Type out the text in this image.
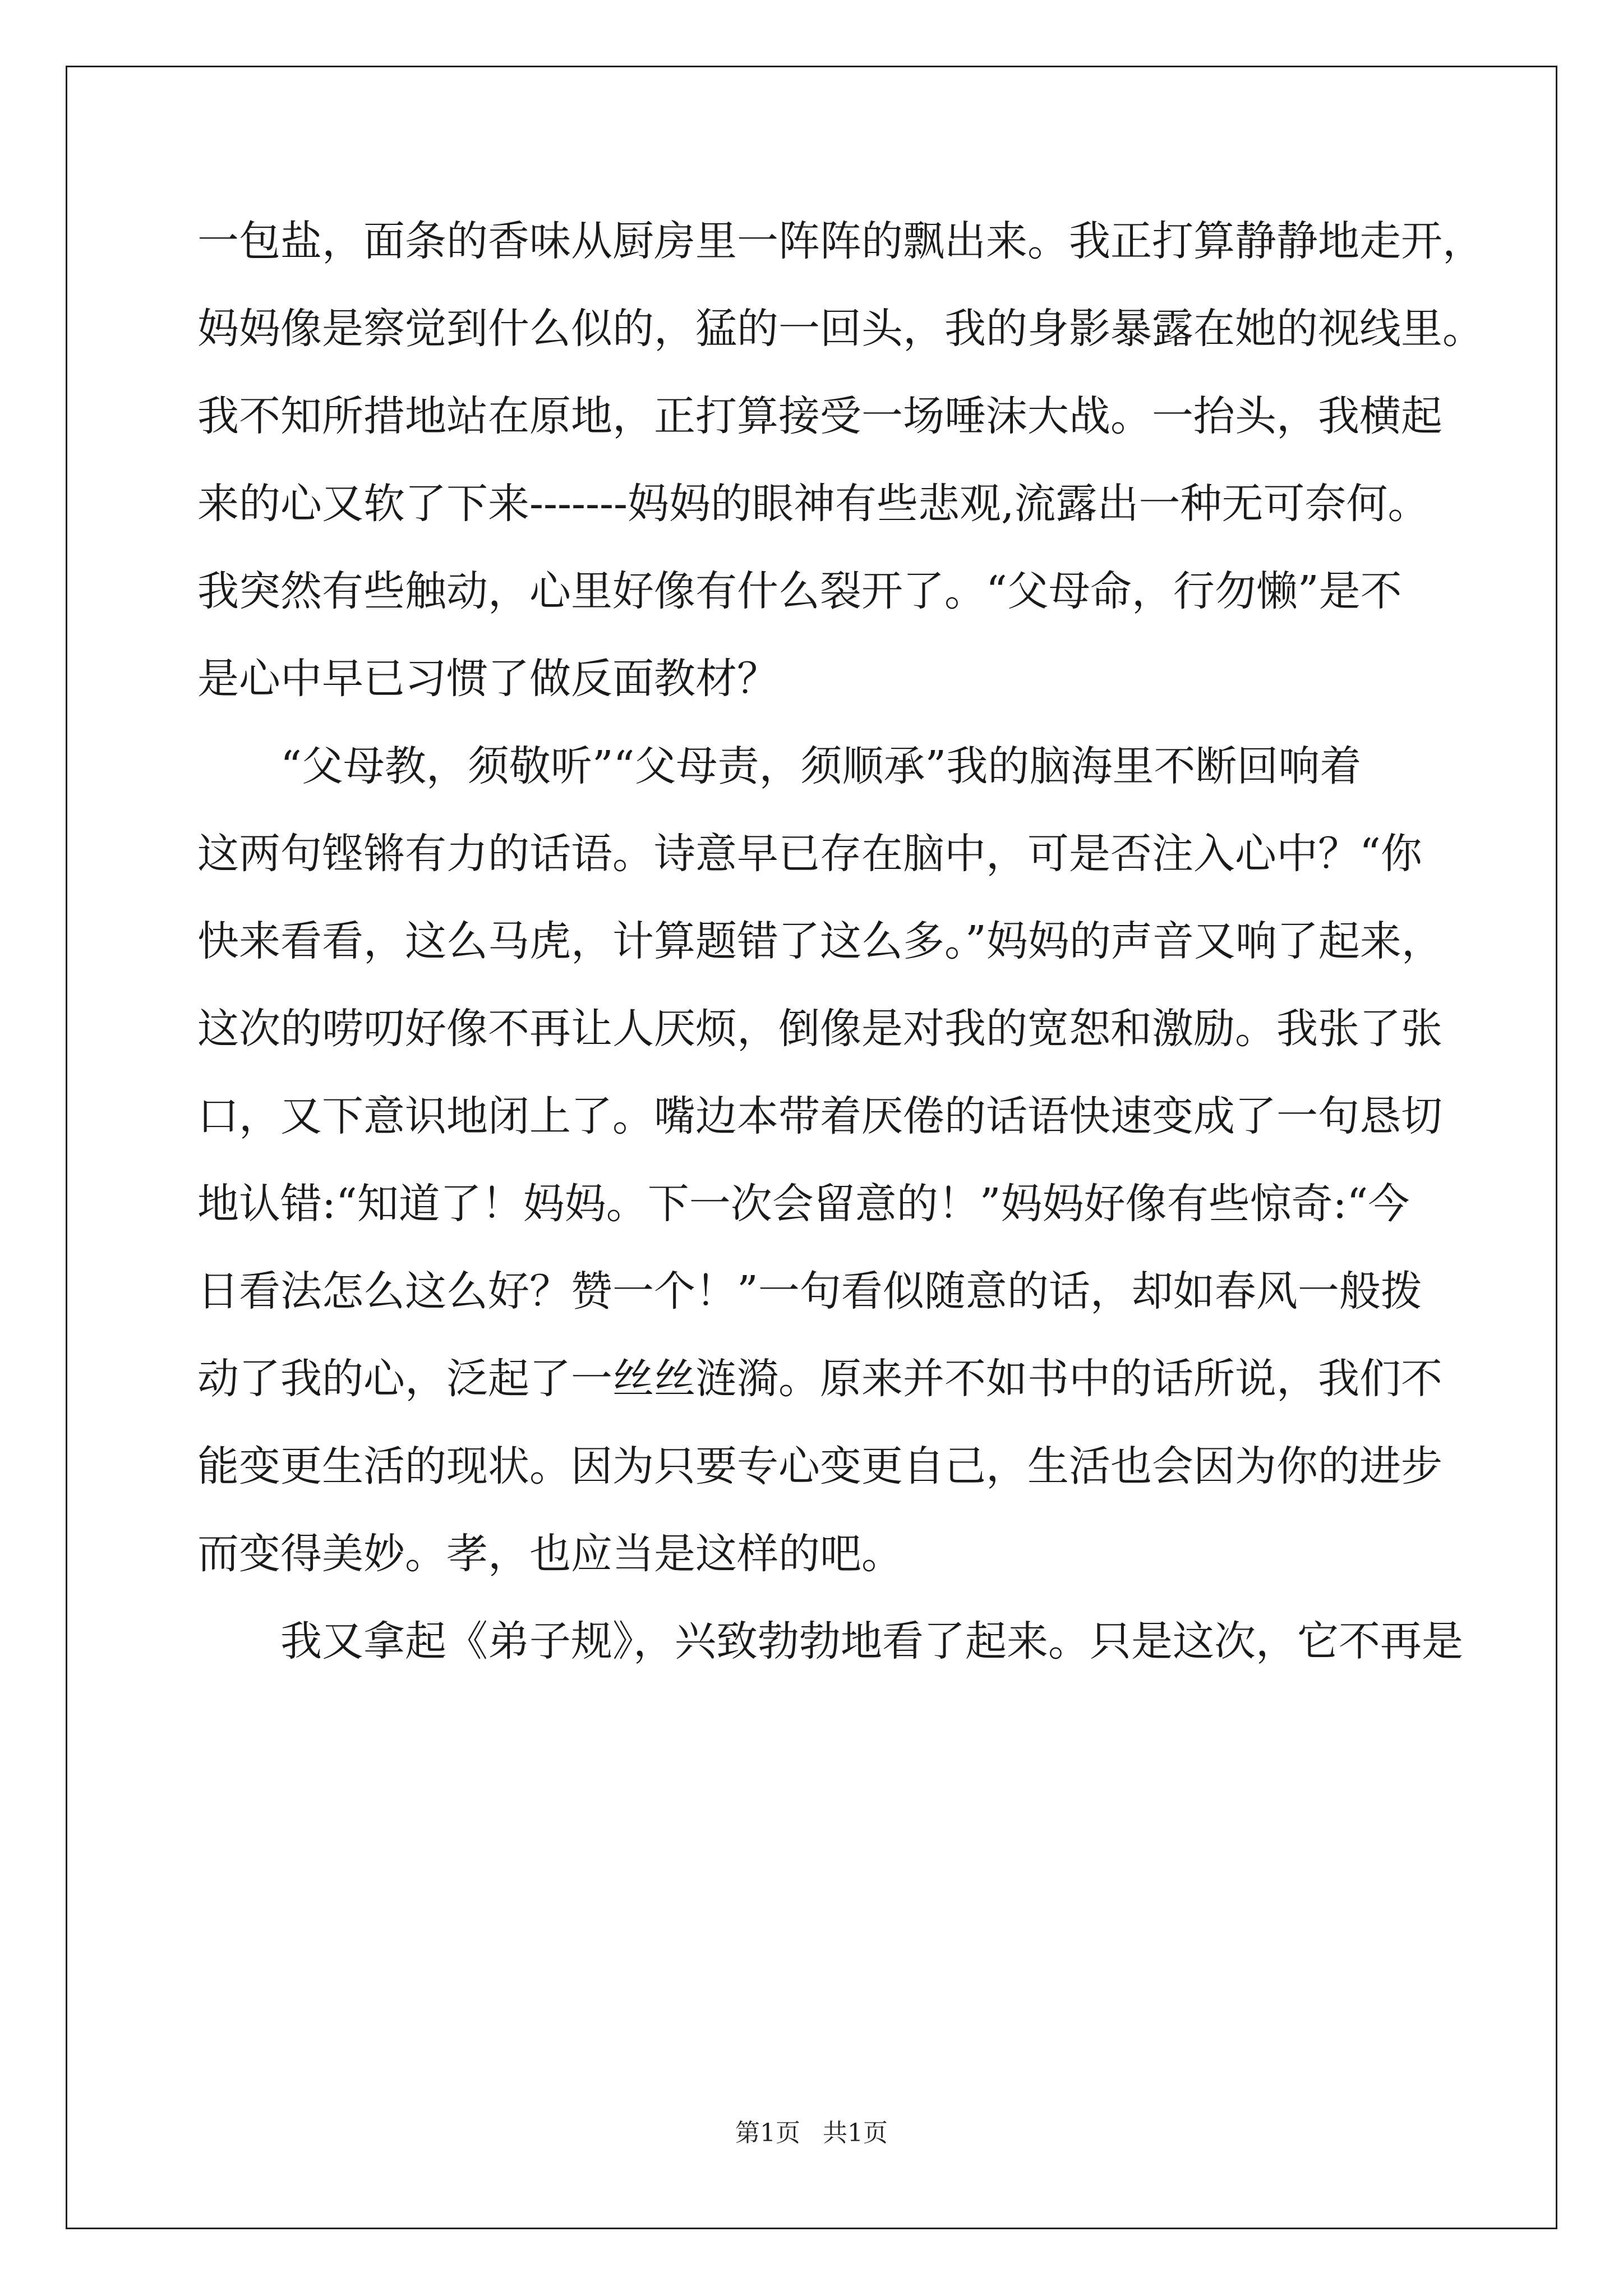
一包盐，面条的香味从厨房里一阵阵的飘出来。我正打算静静地走开，
妈妈像是察觉到什么似的，猛的一回头，我的身影暴露在她的视线里。
我不知所措地站在原地，正打算接受一场唾沫大战。一抬头，我横起
来的心又软了下来-------妈妈的眼神有些悲观,流露出一种无可奈何。
我突然有些触动，心里好像有什么裂开了。“父母命，行勿懒”是不
是心中早已习惯了做反面教材？
“父母教，须敬听”“父母责，须顺承”我的脑海里不断回响着
这两句铿锵有力的话语。诗意早已存在脑中，可是否注入心中？“你
快来看看，这么马虎，计算题错了这么多。”妈妈的声音又响了起来，
这次的唠叨好像不再让人厌烦，倒像是对我的宽恕和激励。我张了张
口，又下意识地闭上了。嘴边本带着厌倦的话语快速变成了一句恳切
地认错:“知道了！妈妈。下一次会留意的！”妈妈好像有些惊奇:“今
日看法怎么这么好？赞一个！”一句看似随意的话，却如春风一般拨
动了我的心，泛起了一丝丝涟漪。原来并不如书中的话所说，我们不
能变更生活的现状。因为只要专心变更自己，生活也会因为你的进步
而变得美妙。孝，也应当是这样的吧。
我又拿起《弟子规》，兴致勃勃地看了起来。只是这次，它不再是
第1页 共1页
